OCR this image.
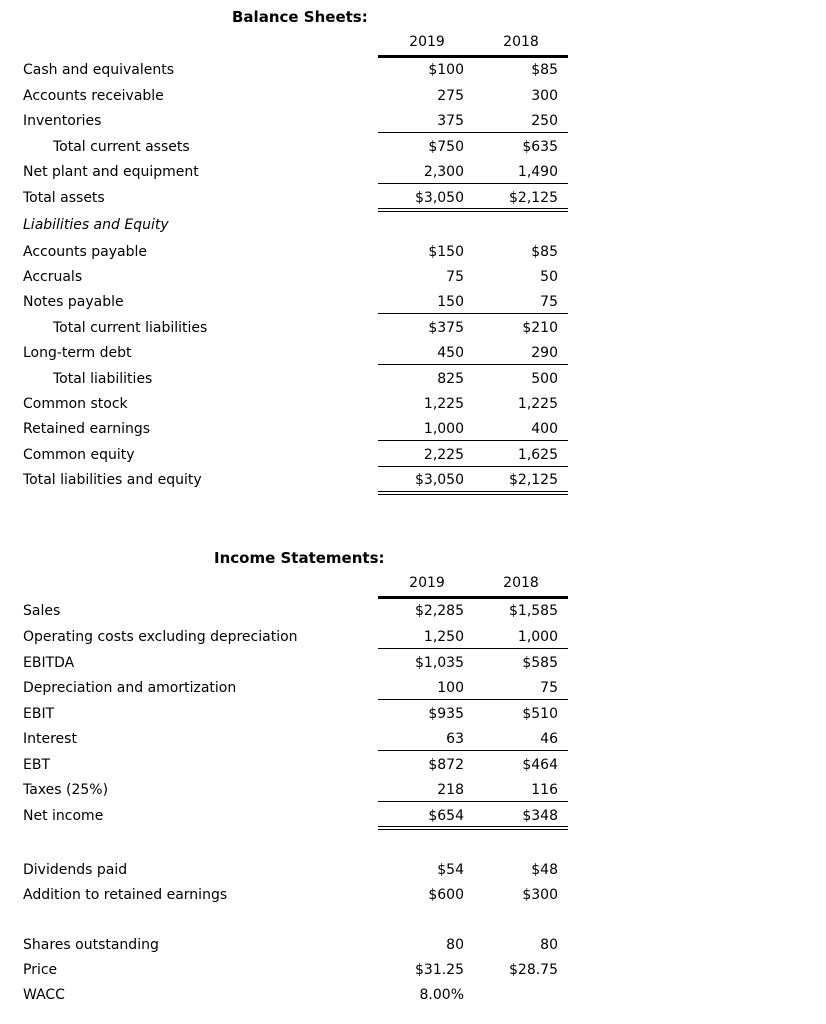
Balance Sheets:
2019	2018
Cash and equivalents	$100	$85
Accounts receivable	275	300
Inventories	375	250
Total current assets	$750	$635
Net plant and equipment	2,300	1,490
Total assets	$3,050	$2,125
Liabilities and Equity
Accounts payable	$150	$85
Accruals	75	50
Notes payable	150	75
Total current liabilities	$375	$210
Long-term debt	450	290
Total liabilities	825	500
Common stock	1,225	1,225
Retained earnings	1,000	400
Common equity	2,225	1,625
Total liabilities and equity	$3,050	$2,125
Income Statements:
2019	2018
Sales	$2,285	$1,585
Operating costs excluding depreciation	1,250	1,000
EBITDA	$1,035	$585
Depreciation and amortization	100	75
EBIT	$935	$510
Interest	63	46
EBT	$872	$464
Taxes (25%)	218	116
Net income	$654	$348
Dividends paid	$54	$48
Addition to retained earnings	$600	$300
Shares outstanding	80	80
Price	$31.25	$28.75
WACC	8.00%
